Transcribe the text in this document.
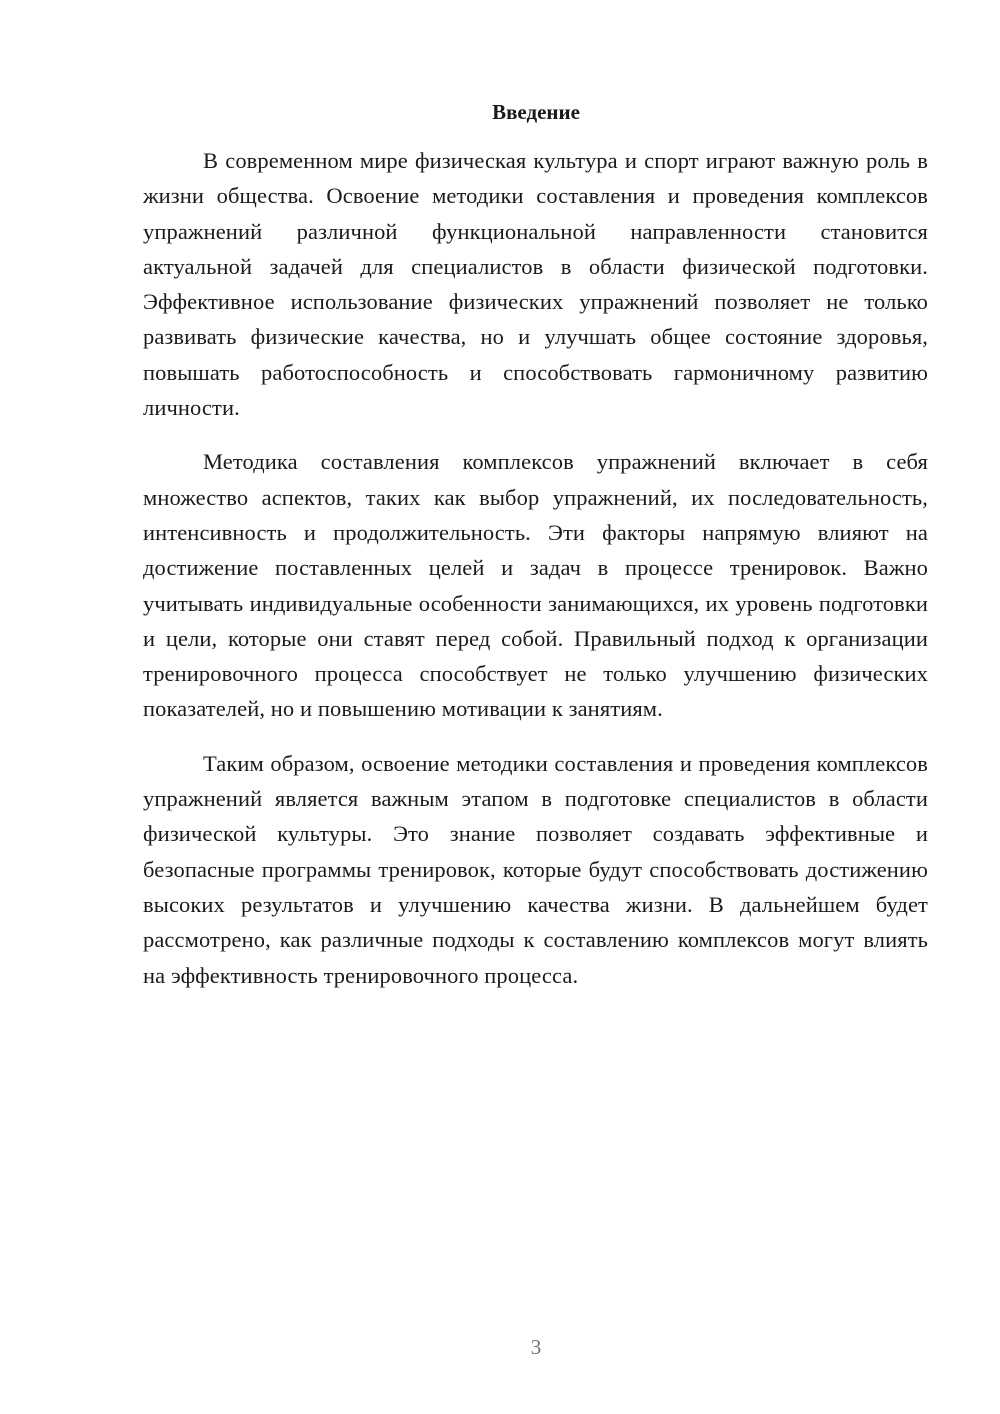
Введение

В современном мире физическая культура и спорт играют важную роль в жизни общества. Освоение методики составления и проведения комплексов упражнений различной функциональной направленности становится актуальной задачей для специалистов в области физической подготовки. Эффективное использование физических упражнений позволяет не только развивать физические качества, но и улучшать общее состояние здоровья, повышать работоспособность и способствовать гармоничному развитию личности.

Методика составления комплексов упражнений включает в себя множество аспектов, таких как выбор упражнений, их последовательность, интенсивность и продолжительность. Эти факторы напрямую влияют на достижение поставленных целей и задач в процессе тренировок. Важно учитывать индивидуальные особенности занимающихся, их уровень подготовки и цели, которые они ставят перед собой. Правильный подход к организации тренировочного процесса способствует не только улучшению физических показателей, но и повышению мотивации к занятиям.

Таким образом, освоение методики составления и проведения комплексов упражнений является важным этапом в подготовке специалистов в области физической культуры. Это знание позволяет создавать эффективные и безопасные программы тренировок, которые будут способствовать достижению высоких результатов и улучшению качества жизни. В дальнейшем будет рассмотрено, как различные подходы к составлению комплексов могут влиять на эффективность тренировочного процесса.

3
